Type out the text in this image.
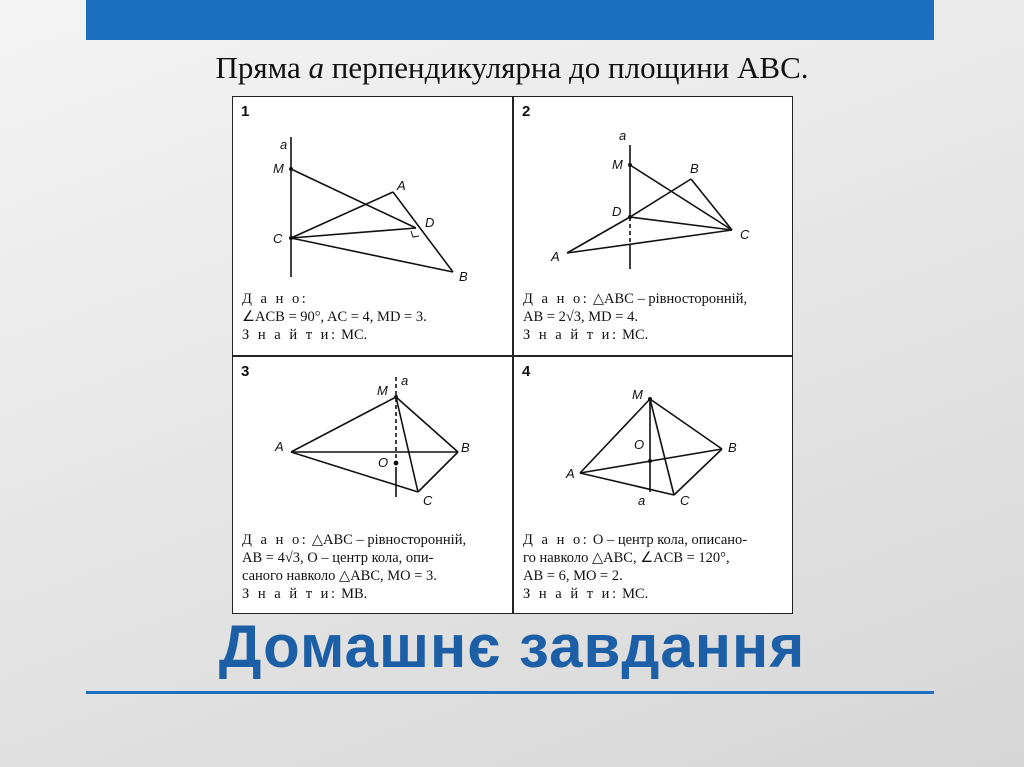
Пряма a перпендикулярна до площини ABC.
1
a
M
A
D
C
B
Д а н о:
∠ACB = 90°, AC = 4, MD = 3.
З н а й т и: MC.
2
a
M	B
D
C
A
Д а н о: △ABC – рівносторонній,
AB = 2√3, MD = 4.
З н а й т и: MC.
3
M
a
A	B
O
C
Д а н о: △ABC – рівносторонній,
AB = 4√3, O – центр кола, опи-
саного навколо △ABC, MO = 3.
З н а й т и: MB.
4
M
O	B
A
a	C
Д а н о: O – центр кола, описано-
го навколо △ABC, ∠ACB = 120°,
AB = 6, MO = 2.
З н а й т и: MC.
Домашнє завдання
